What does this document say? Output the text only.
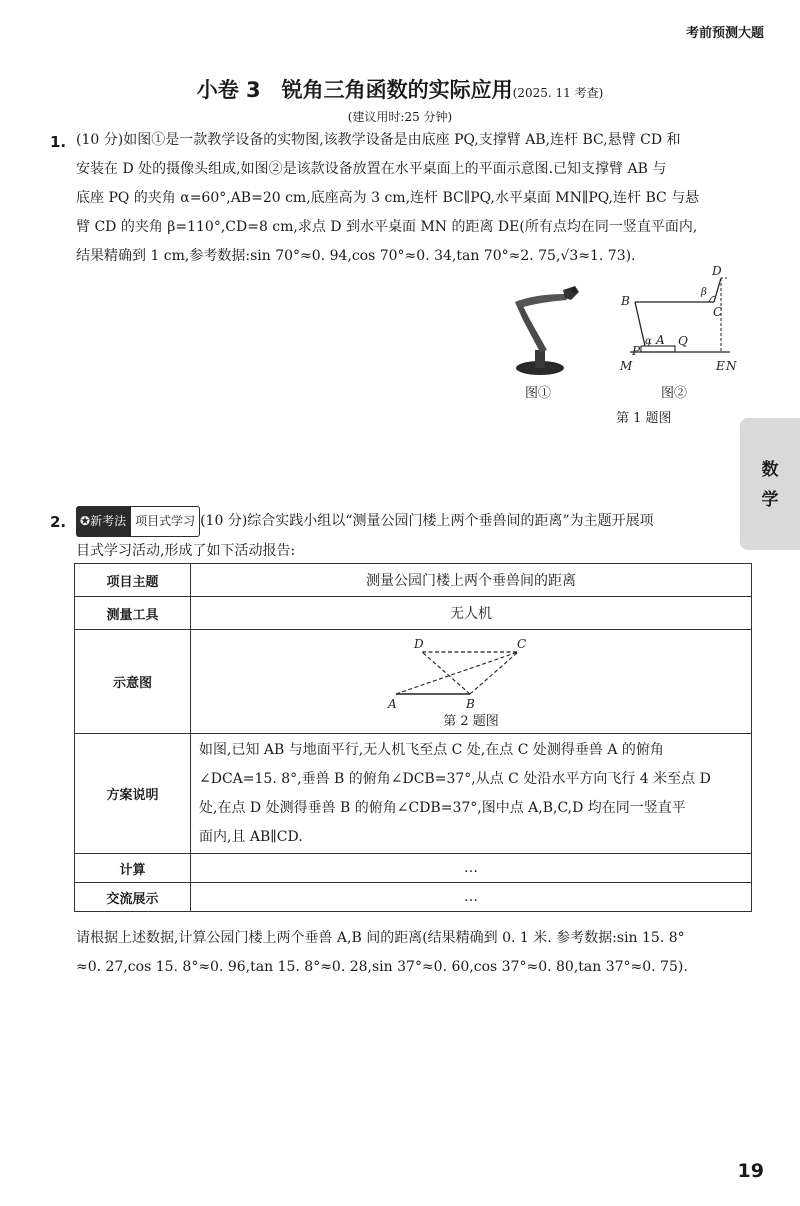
考前预测大题
小卷 3　锐角三角函数的实际应用(2025. 11 考查)
(建议用时:25 分钟)
1. (10 分)如图①是一款教学设备的实物图,该教学设备是由底座 PQ,支撑臂 AB,连杆 BC,悬臂 CD 和
安装在 D 处的摄像头组成,如图②是该款设备放置在水平桌面上的平面示意图.已知支撑臂 AB 与
底座 PQ 的夹角 α=60°,AB=20 cm,底座高为 3 cm,连杆 BC∥PQ,水平桌面 MN∥PQ,连杆 BC 与悬
臂 CD 的夹角 β=110°,CD=8 cm,求点 D 到水平桌面 MN 的距离 DE(所有点均在同一竖直平面内,
结果精确到 1 cm,参考数据:sin 70°≈0. 94,cos 70°≈0. 34,tan 70°≈2. 75,√3≈1. 73).
图①
D
B
C
β
α
P
A Q
M	E N
图②
第 1 题图
数
学
2.	✪新考法 项目式学习 (10 分)综合实践小组以“测量公园门楼上两个垂兽间的距离”为主题开展项
目式学习活动,形成了如下活动报告:
项目主题	测量公园门楼上两个垂兽间的距离
测量工具	无人机
示意图	D C
A B
第 2 题图

方案说明	如图,已知 AB 与地面平行,无人机飞至点 C 处,在点 C 处测得垂兽 A 的俯角
∠DCA=15. 8°,垂兽 B 的俯角∠DCB=37°,从点 C 处沿水平方向飞行 4 米至点 D
处,在点 D 处测得垂兽 B 的俯角∠CDB=37°,图中点 A,B,C,D 均在同一竖直平
面内,且 AB∥CD.

计算	…
交流展示	…
请根据上述数据,计算公园门楼上两个垂兽 A,B 间的距离(结果精确到 0. 1 米. 参考数据:sin 15. 8°
≈0. 27,cos 15. 8°≈0. 96,tan 15. 8°≈0. 28,sin 37°≈0. 60,cos 37°≈0. 80,tan 37°≈0. 75).
19
